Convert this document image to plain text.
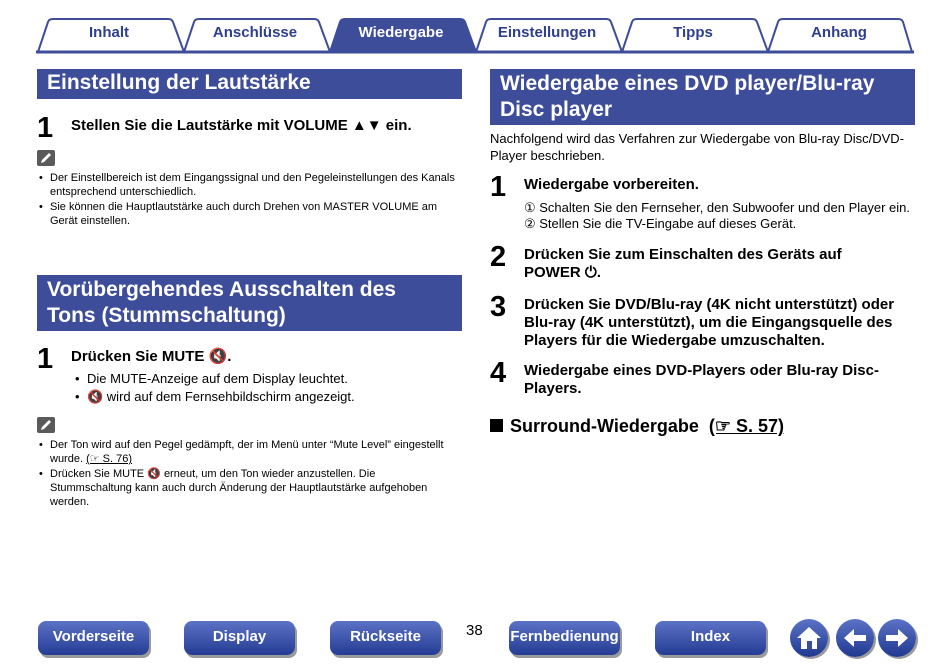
Inhalt	Anschlüsse	Wiedergabe	Einstellungen	Tipps	Anhang
Einstellung der Lautstärke
1 Stellen Sie die Lautstärke mit VOLUME ▲▼ ein.
• Der Einstellbereich ist dem Eingangssignal und den Pegeleinstellungen des Kanals entsprechend unterschiedlich.
• Sie können die Hauptlautstärke auch durch Drehen von MASTER VOLUME am Gerät einstellen.
Vorübergehendes Ausschalten des
Tons (Stummschaltung)
1 Drücken Sie MUTE 🔇.
• Die MUTE-Anzeige auf dem Display leuchtet.
• 🔇 wird auf dem Fernsehbildschirm angezeigt.
• Der Ton wird auf den Pegel gedämpft, der im Menü unter “Mute Level” eingestellt wurde. (☞ S. 76)
• Drücken Sie MUTE 🔇 erneut, um den Ton wieder anzustellen. Die Stummschaltung kann auch durch Änderung der Hauptlautstärke aufgehoben werden.
Wiedergabe eines DVD player/Blu-ray
Disc player
Nachfolgend wird das Verfahren zur Wiedergabe von Blu-ray Disc/DVD-Player beschrieben.
1 Wiedergabe vorbereiten.
① Schalten Sie den Fernseher, den Subwoofer und den Player ein.
② Stellen Sie die TV-Eingabe auf dieses Gerät.
2 Drücken Sie zum Einschalten des Geräts auf POWER ⏻.
3 Drücken Sie DVD/Blu-ray (4K nicht unterstützt) oder Blu-ray (4K unterstützt), um die Eingangsquelle des Players für die Wiedergabe umzuschalten.
4 Wiedergabe eines DVD-Players oder Blu-ray Disc-Players.
Surround-Wiedergabe (☞ S. 57)
Vorderseite	Display	Rückseite	38 Fernbedienung	Index
